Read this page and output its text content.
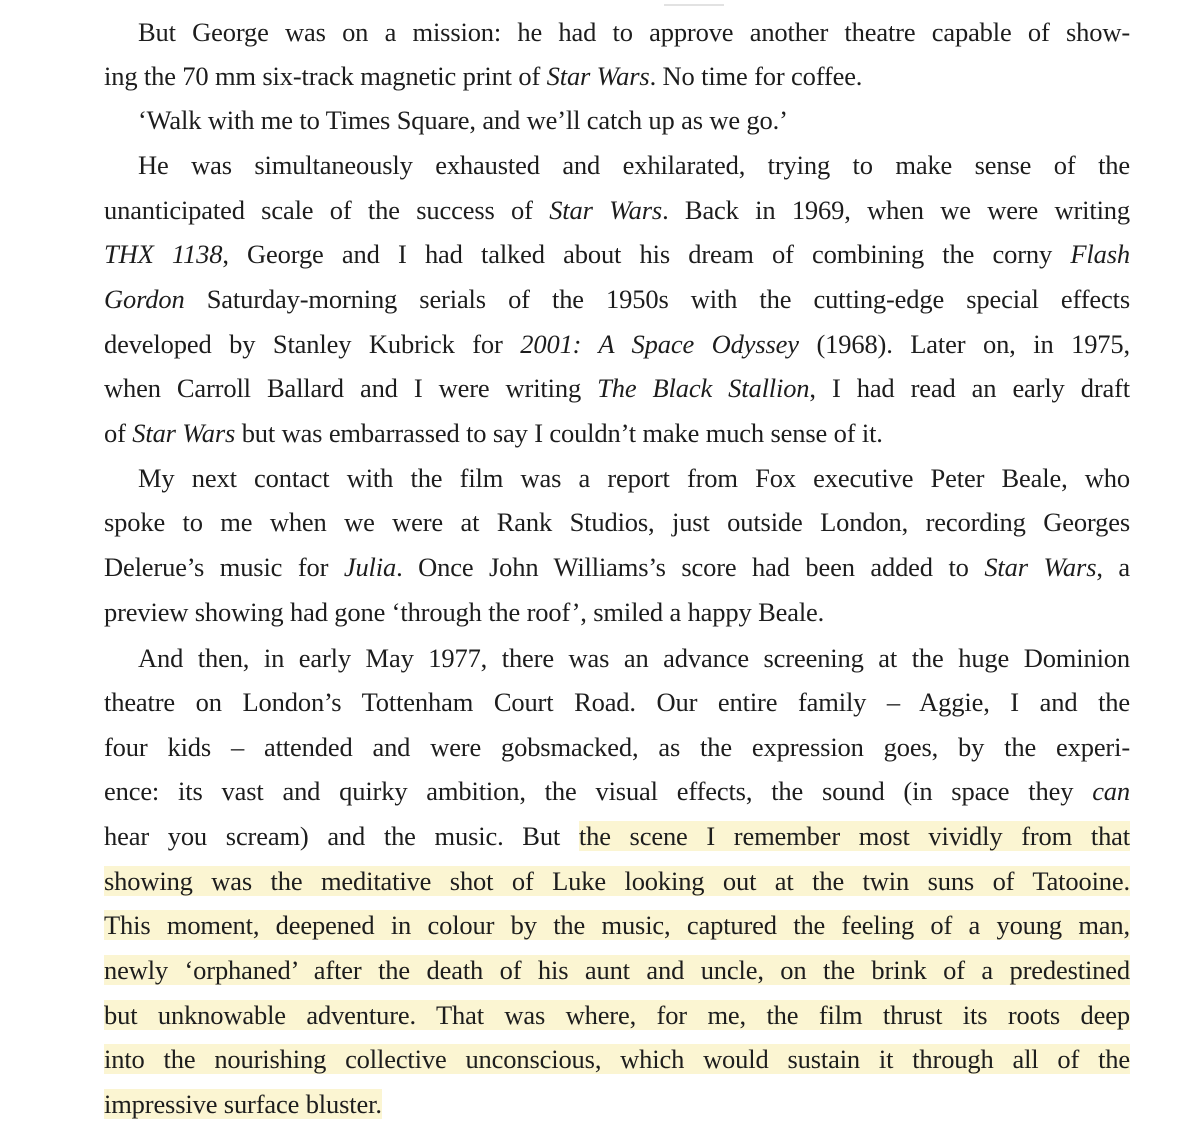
But George was on a mission: he had to approve another theatre capable of show-
ing the 70 mm six-track magnetic print of Star Wars. No time for coffee.
‘Walk with me to Times Square, and we’ll catch up as we go.’
He was simultaneously exhausted and exhilarated, trying to make sense of the
unanticipated scale of the success of Star Wars. Back in 1969, when we were writing
THX 1138, George and I had talked about his dream of combining the corny Flash
Gordon Saturday-morning serials of the 1950s with the cutting-edge special effects
developed by Stanley Kubrick for 2001: A Space Odyssey (1968). Later on, in 1975,
when Carroll Ballard and I were writing The Black Stallion, I had read an early draft
of Star Wars but was embarrassed to say I couldn’t make much sense of it.
My next contact with the film was a report from Fox executive Peter Beale, who
spoke to me when we were at Rank Studios, just outside London, recording Georges
Delerue’s music for Julia. Once John Williams’s score had been added to Star Wars, a
preview showing had gone ‘through the roof’, smiled a happy Beale.
And then, in early May 1977, there was an advance screening at the huge Dominion
theatre on London’s Tottenham Court Road. Our entire family – Aggie, I and the
four kids – attended and were gobsmacked, as the expression goes, by the experi-
ence: its vast and quirky ambition, the visual effects, the sound (in space they can
hear you scream) and the music. But the scene I remember most vividly from that
showing was the meditative shot of Luke looking out at the twin suns of Tatooine.
This moment, deepened in colour by the music, captured the feeling of a young man,
newly ‘orphaned’ after the death of his aunt and uncle, on the brink of a predestined
but unknowable adventure. That was where, for me, the film thrust its roots deep
into the nourishing collective unconscious, which would sustain it through all of the
impressive surface bluster.
